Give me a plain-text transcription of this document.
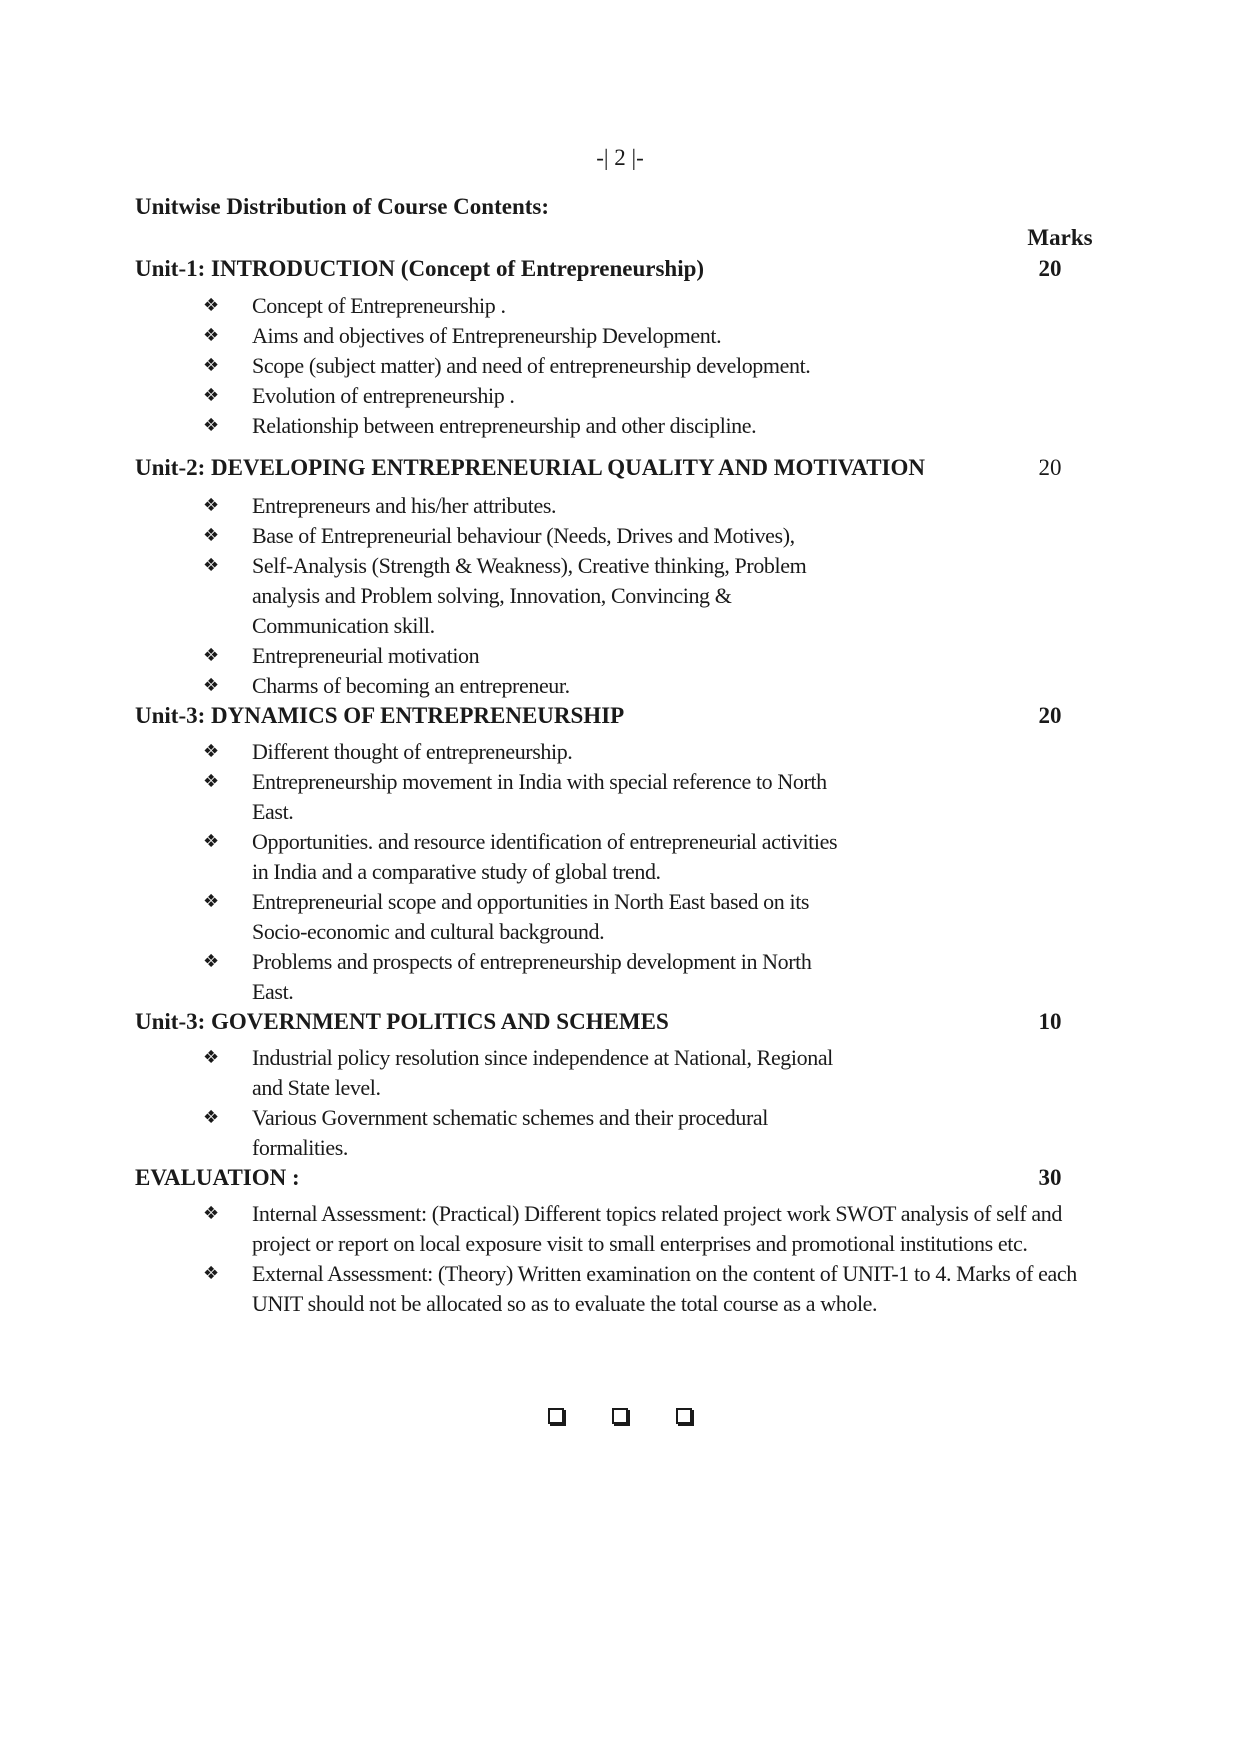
-| 2 |-
Unitwise Distribution of Course Contents:
Marks
Unit-1: INTRODUCTION (Concept of Entrepreneurship)	20
❖ Concept of Entrepreneurship .
❖ Aims and objectives of Entrepreneurship Development.
❖ Scope (subject matter) and need of entrepreneurship development.
❖ Evolution of entrepreneurship .
❖ Relationship between entrepreneurship and other discipline.
Unit-2: DEVELOPING ENTREPRENEURIAL QUALITY AND MOTIVATION	20
❖ Entrepreneurs and his/her attributes.
❖ Base of Entrepreneurial behaviour (Needs, Drives and Motives),
❖ Self-Analysis (Strength & Weakness), Creative thinking, Problem analysis and Problem solving, Innovation, Convincing & Communication skill.
❖ Entrepreneurial motivation
❖ Charms of becoming an entrepreneur.
Unit-3: DYNAMICS OF ENTREPRENEURSHIP	20
❖ Different thought of entrepreneurship.
❖ Entrepreneurship movement in India with special reference to North East.
❖ Opportunities. and resource identification of entrepreneurial activities in India and a comparative study of global trend.
❖ Entrepreneurial scope and opportunities in North East based on its Socio-economic and cultural background.
❖ Problems and prospects of entrepreneurship development in North East.
Unit-3: GOVERNMENT POLITICS AND SCHEMES	10
❖ Industrial policy resolution since independence at National, Regional and State level.
❖ Various Government schematic schemes and their procedural formalities.
EVALUATION :	30
❖ Internal Assessment: (Practical) Different topics related project work SWOT analysis of self and project or report on local exposure visit to small enterprises and promotional institutions etc.
❖ External Assessment: (Theory) Written examination on the content of UNIT-1 to 4. Marks of each UNIT should not be allocated so as to evaluate the total course as a whole.
